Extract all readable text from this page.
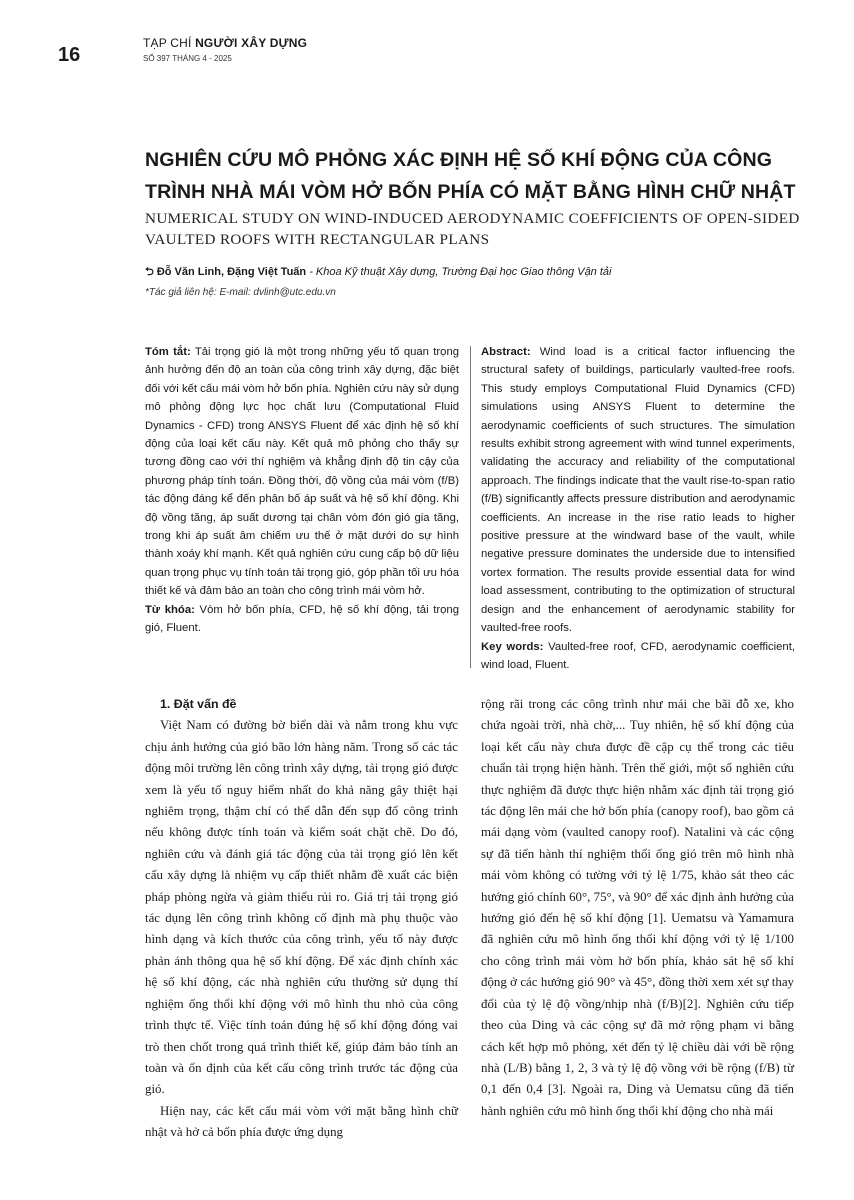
16
TẠP CHÍ NGƯỜI XÂY DỰNG
SỐ 397 THÁNG 4 - 2025
NGHIÊN CỨU MÔ PHỎNG XÁC ĐỊNH HỆ SỐ KHÍ ĐỘNG CỦA CÔNG TRÌNH NHÀ MÁI VÒM HỞ BỐN PHÍA CÓ MẶT BẰNG HÌNH CHỮ NHẬT
NUMERICAL STUDY ON WIND-INDUCED AERODYNAMIC COEFFICIENTS OF OPEN-SIDED VAULTED ROOFS WITH RECTANGULAR PLANS
⮌ Đỗ Văn Linh, Đặng Việt Tuấn - Khoa Kỹ thuật Xây dựng, Trường Đại học Giao thông Vận tải
*Tác giả liên hệ: E-mail: dvlinh@utc.edu.vn

Tóm tắt: Tải trọng gió là một trong những yếu tố quan trọng ảnh hưởng đến độ an toàn của công trình xây dựng, đặc biệt đối với kết cấu mái vòm hở bốn phía. Nghiên cứu này sử dụng mô phỏng động lực học chất lưu (Computational Fluid Dynamics - CFD) trong ANSYS Fluent để xác định hệ số khí động của loại kết cấu này. Kết quả mô phỏng cho thấy sự tương đồng cao với thí nghiệm và khẳng định độ tin cậy của phương pháp tính toán. Đồng thời, độ vồng của mái vòm (f/B) tác động đáng kể đến phân bố áp suất và hệ số khí động. Khi độ vồng tăng, áp suất dương tại chân vòm đón gió gia tăng, trong khi áp suất âm chiếm ưu thế ở mặt dưới do sự hình thành xoáy khí mạnh. Kết quả nghiên cứu cung cấp bộ dữ liệu quan trọng phục vụ tính toán tải trọng gió, góp phần tối ưu hóa thiết kế và đảm bảo an toàn cho công trình mái vòm hở.

Từ khóa: Vòm hở bốn phía, CFD, hệ số khí động, tải trọng gió, Fluent.

Abstract: Wind load is a critical factor influencing the structural safety of buildings, particularly vaulted-free roofs. This study employs Computational Fluid Dynamics (CFD) simulations using ANSYS Fluent to determine the aerodynamic coefficients of such structures. The simulation results exhibit strong agreement with wind tunnel experiments, validating the accuracy and reliability of the computational approach. The findings indicate that the vault rise-to-span ratio (f/B) significantly affects pressure distribution and aerodynamic coefficients. An increase in the rise ratio leads to higher positive pressure at the windward base of the vault, while negative pressure dominates the underside due to intensified vortex formation. The results provide essential data for wind load assessment, contributing to the optimization of structural design and the enhancement of aerodynamic stability for vaulted-free roofs.

Key words: Vaulted-free roof, CFD, aerodynamic coefficient, wind load, Fluent.

1. Đặt vấn đề

Việt Nam có đường bờ biển dài và nằm trong khu vực chịu ảnh hưởng của gió bão lớn hàng năm. Trong số các tác động môi trường lên công trình xây dựng, tải trọng gió được xem là yếu tố nguy hiểm nhất do khả năng gây thiệt hại nghiêm trọng, thậm chí có thể dẫn đến sụp đổ công trình nếu không được tính toán và kiểm soát chặt chẽ. Do đó, nghiên cứu và đánh giá tác động của tải trọng gió lên kết cấu xây dựng là nhiệm vụ cấp thiết nhằm đề xuất các biện pháp phòng ngừa và giảm thiểu rủi ro. Giá trị tải trọng gió tác dụng lên công trình không cố định mà phụ thuộc vào hình dạng và kích thước của công trình, yếu tố này được phản ánh thông qua hệ số khí động. Để xác định chính xác hệ số khí động, các nhà nghiên cứu thường sử dụng thí nghiệm ống thổi khí động với mô hình thu nhỏ của công trình thực tế. Việc tính toán đúng hệ số khí động đóng vai trò then chốt trong quá trình thiết kế, giúp đảm bảo tính an toàn và ổn định của kết cấu công trình trước tác động của gió.

Hiện nay, các kết cấu mái vòm với mặt bằng hình chữ nhật và hở cả bốn phía được ứng dụng

rộng rãi trong các công trình như mái che bãi đỗ xe, kho chứa ngoài trời, nhà chờ,... Tuy nhiên, hệ số khí động của loại kết cấu này chưa được đề cập cụ thể trong các tiêu chuẩn tải trọng hiện hành. Trên thế giới, một số nghiên cứu thực nghiệm đã được thực hiện nhằm xác định tải trọng gió tác động lên mái che hở bốn phía (canopy roof), bao gồm cả mái dạng vòm (vaulted canopy roof). Natalini và các cộng sự đã tiến hành thí nghiệm thổi ống gió trên mô hình nhà mái vòm không có tường với tỷ lệ 1/75, khảo sát theo các hướng gió chính 60°, 75°, và 90° để xác định ảnh hưởng của hướng gió đến hệ số khí động [1]. Uematsu và Yamamura đã nghiên cứu mô hình ống thổi khí động với tỷ lệ 1/100 cho công trình mái vòm hở bốn phía, khảo sát hệ số khí động ở các hướng gió 90° và 45°, đồng thời xem xét sự thay đổi của tỷ lệ độ vồng/nhịp nhà (f/B)[2]. Nghiên cứu tiếp theo của Ding và các cộng sự đã mở rộng phạm vi bằng cách kết hợp mô phỏng, xét đến tỷ lệ chiều dài với bề rộng nhà (L/B) bằng 1, 2, 3 và tỷ lệ độ vồng với bề rộng (f/B) từ 0,1 đến 0,4 [3]. Ngoài ra, Ding và Uematsu cũng đã tiến hành nghiên cứu mô hình ống thổi khí động cho nhà mái
